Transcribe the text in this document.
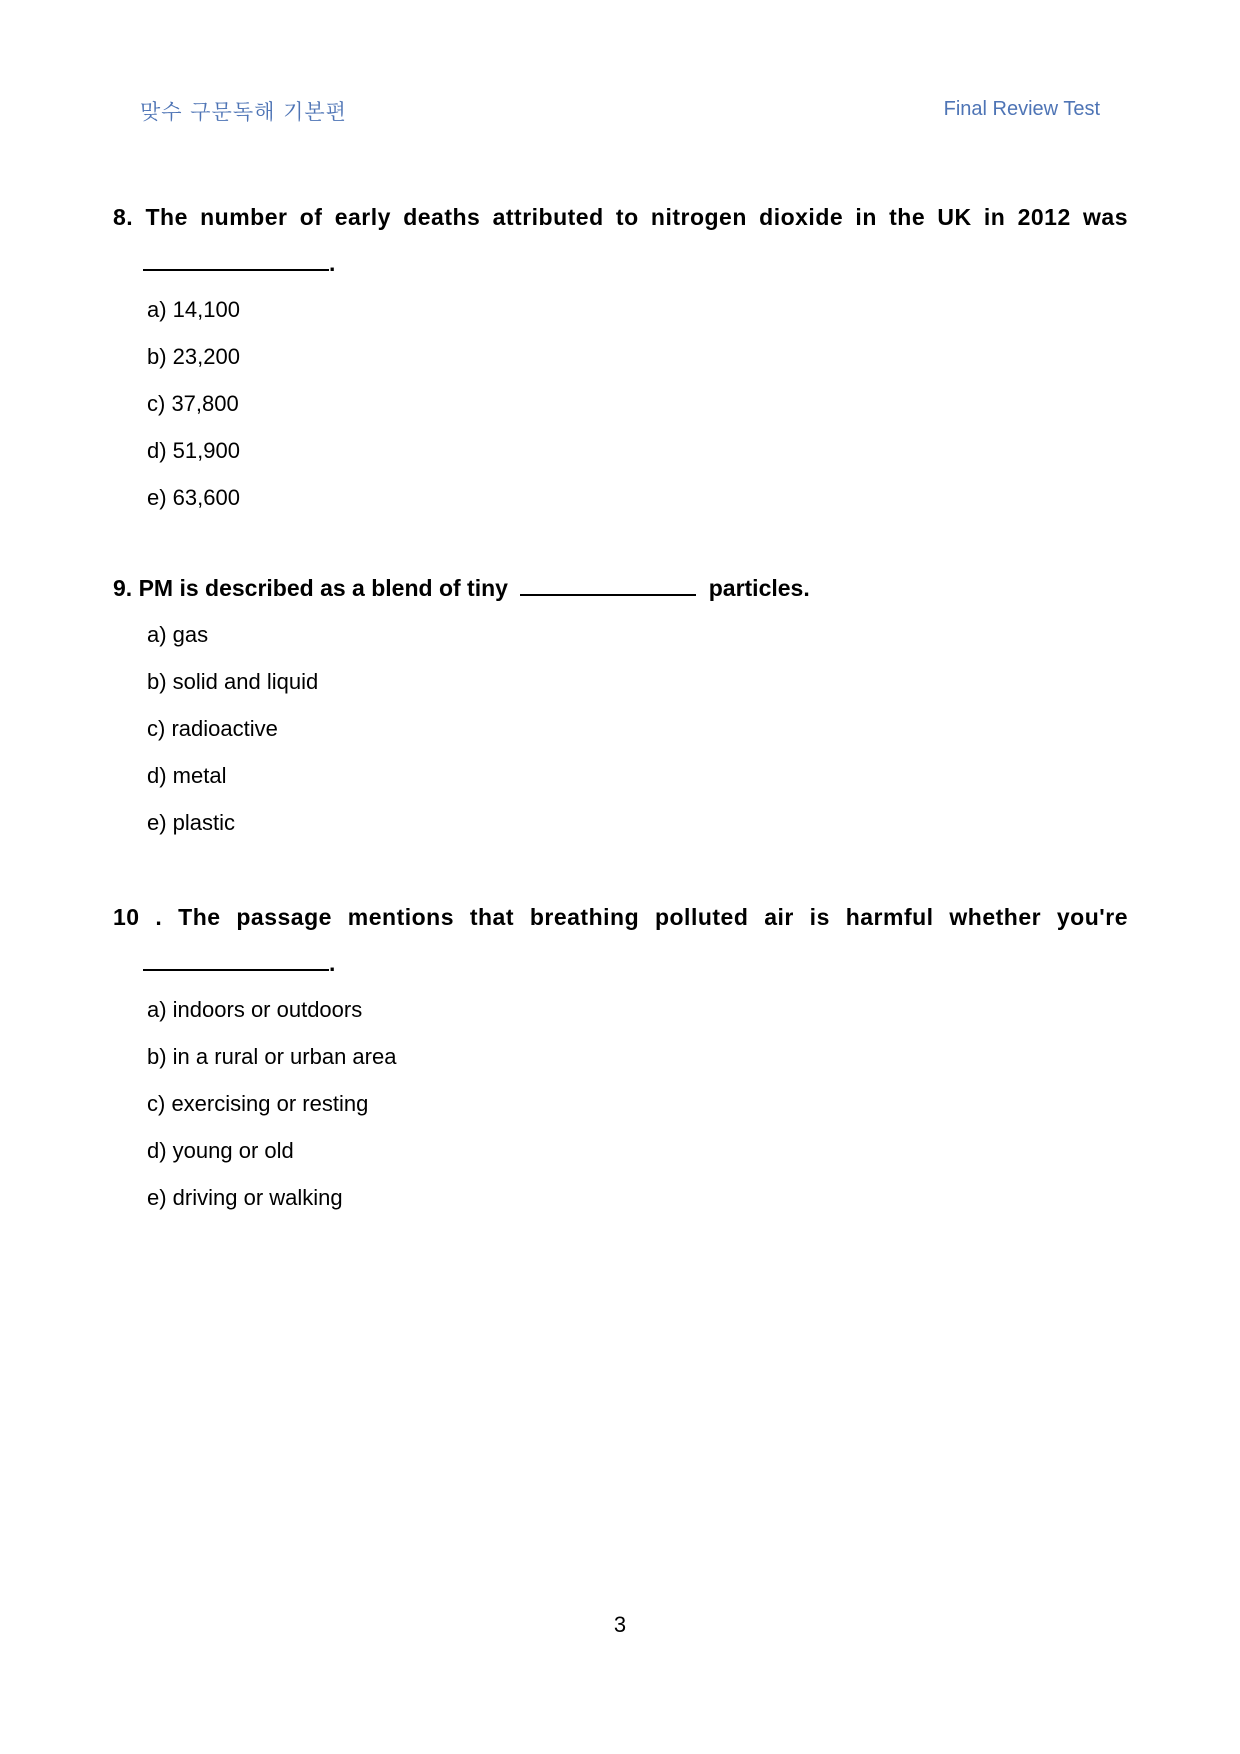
맞수 구문독해 기본편	Final Review Test

8. The number of early deaths attributed to nitrogen dioxide in the UK in 2012 was

.
a) 14,100
b) 23,200
c) 37,800
d) 51,900
e) 63,600

9. PM is described as a blend of tiny	particles.

a) gas
b) solid and liquid
c) radioactive
d) metal
e) plastic

10 . The passage mentions that breathing polluted air is harmful whether you're

.
a) indoors or outdoors
b) in a rural or urban area
c) exercising or resting
d) young or old
e) driving or walking
3
